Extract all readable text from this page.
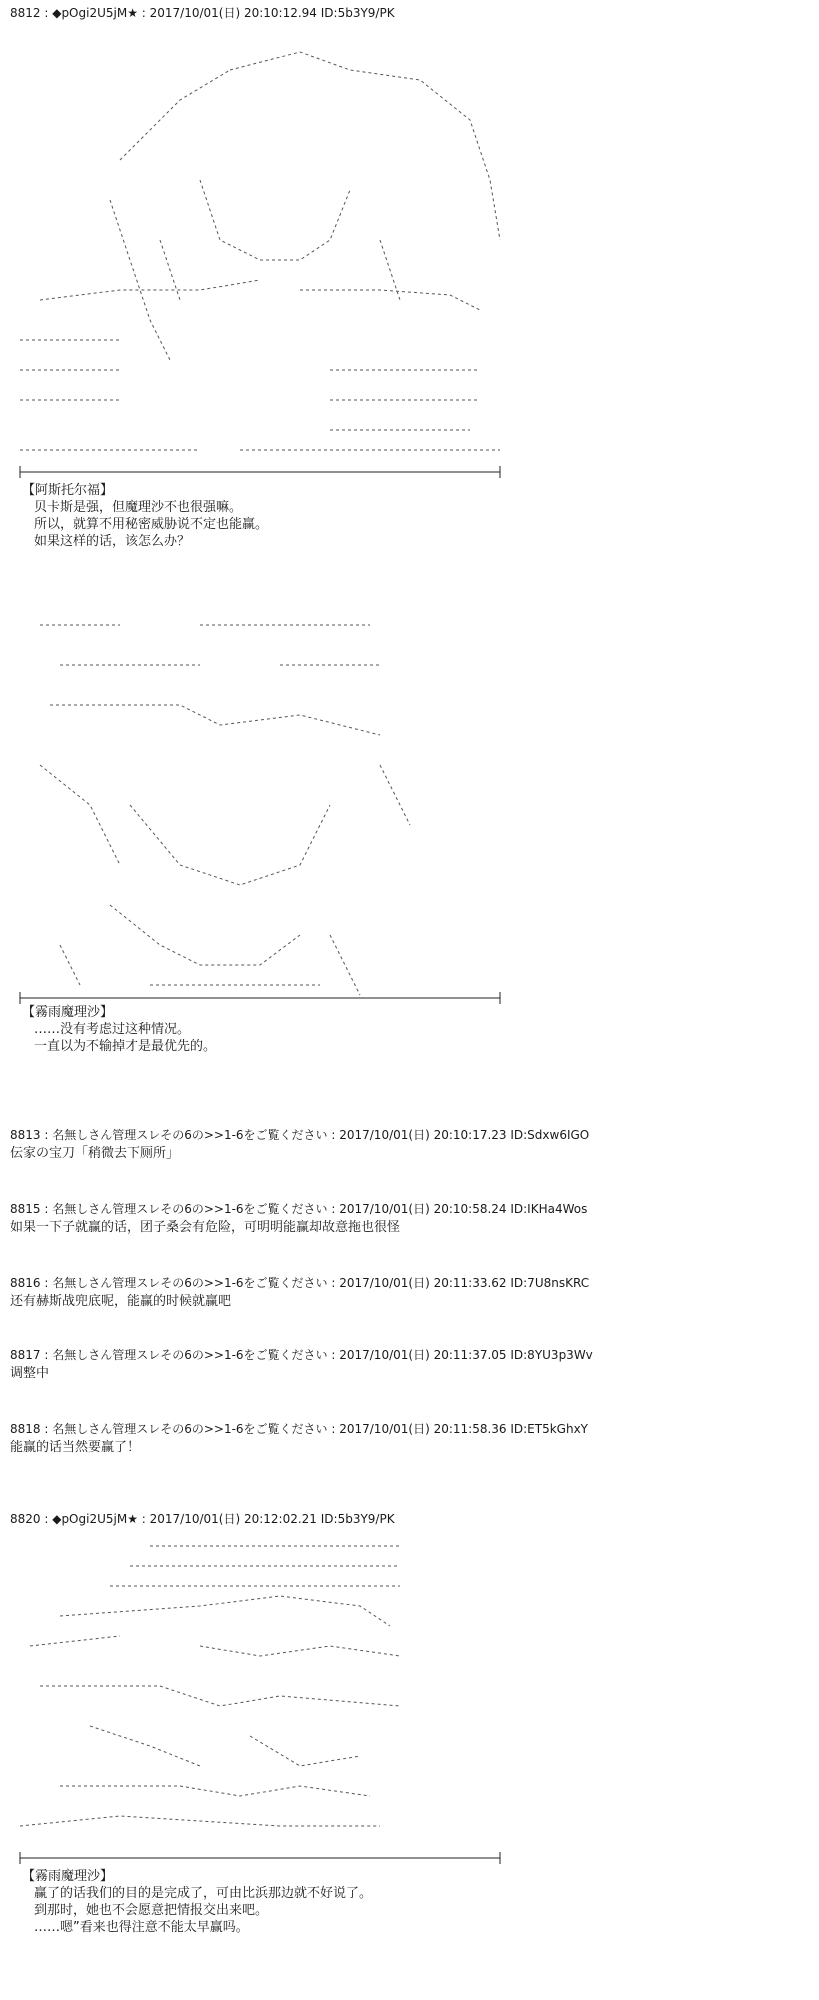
8812 : ◆pOgi2U5jM★ : 2017/10/01(日) 20:10:12.94 ID:5b3Y9/PK
【阿斯托尔福】
贝卡斯是强，但魔理沙不也很强嘛。
所以，就算不用秘密威胁说不定也能赢。
如果这样的话，该怎么办？
【霧雨魔理沙】
……没有考虑过这种情况。
一直以为不输掉才是最优先的。
8813 : 名無しさん管理スレその6の>>1-6をご覧ください : 2017/10/01(日) 20:10:17.23 ID:Sdxw6IGO
伝家の宝刀「稍微去下厕所」
8815 : 名無しさん管理スレその6の>>1-6をご覧ください : 2017/10/01(日) 20:10:58.24 ID:IKHa4Wos
如果一下子就赢的话，团子桑会有危险，可明明能赢却故意拖也很怪
8816 : 名無しさん管理スレその6の>>1-6をご覧ください : 2017/10/01(日) 20:11:33.62 ID:7U8nsKRC
还有赫斯战兜底呢，能赢的时候就赢吧
8817 : 名無しさん管理スレその6の>>1-6をご覧ください : 2017/10/01(日) 20:11:37.05 ID:8YU3p3Wv
调整中
8818 : 名無しさん管理スレその6の>>1-6をご覧ください : 2017/10/01(日) 20:11:58.36 ID:ET5kGhxY
能赢的话当然要赢了！
8820 : ◆pOgi2U5jM★ : 2017/10/01(日) 20:12:02.21 ID:5b3Y9/PK
【霧雨魔理沙】
赢了的话我们的目的是完成了，可由比浜那边就不好说了。
到那时，她也不会愿意把情报交出来吧。
……嗯”看来也得注意不能太早赢吗。
